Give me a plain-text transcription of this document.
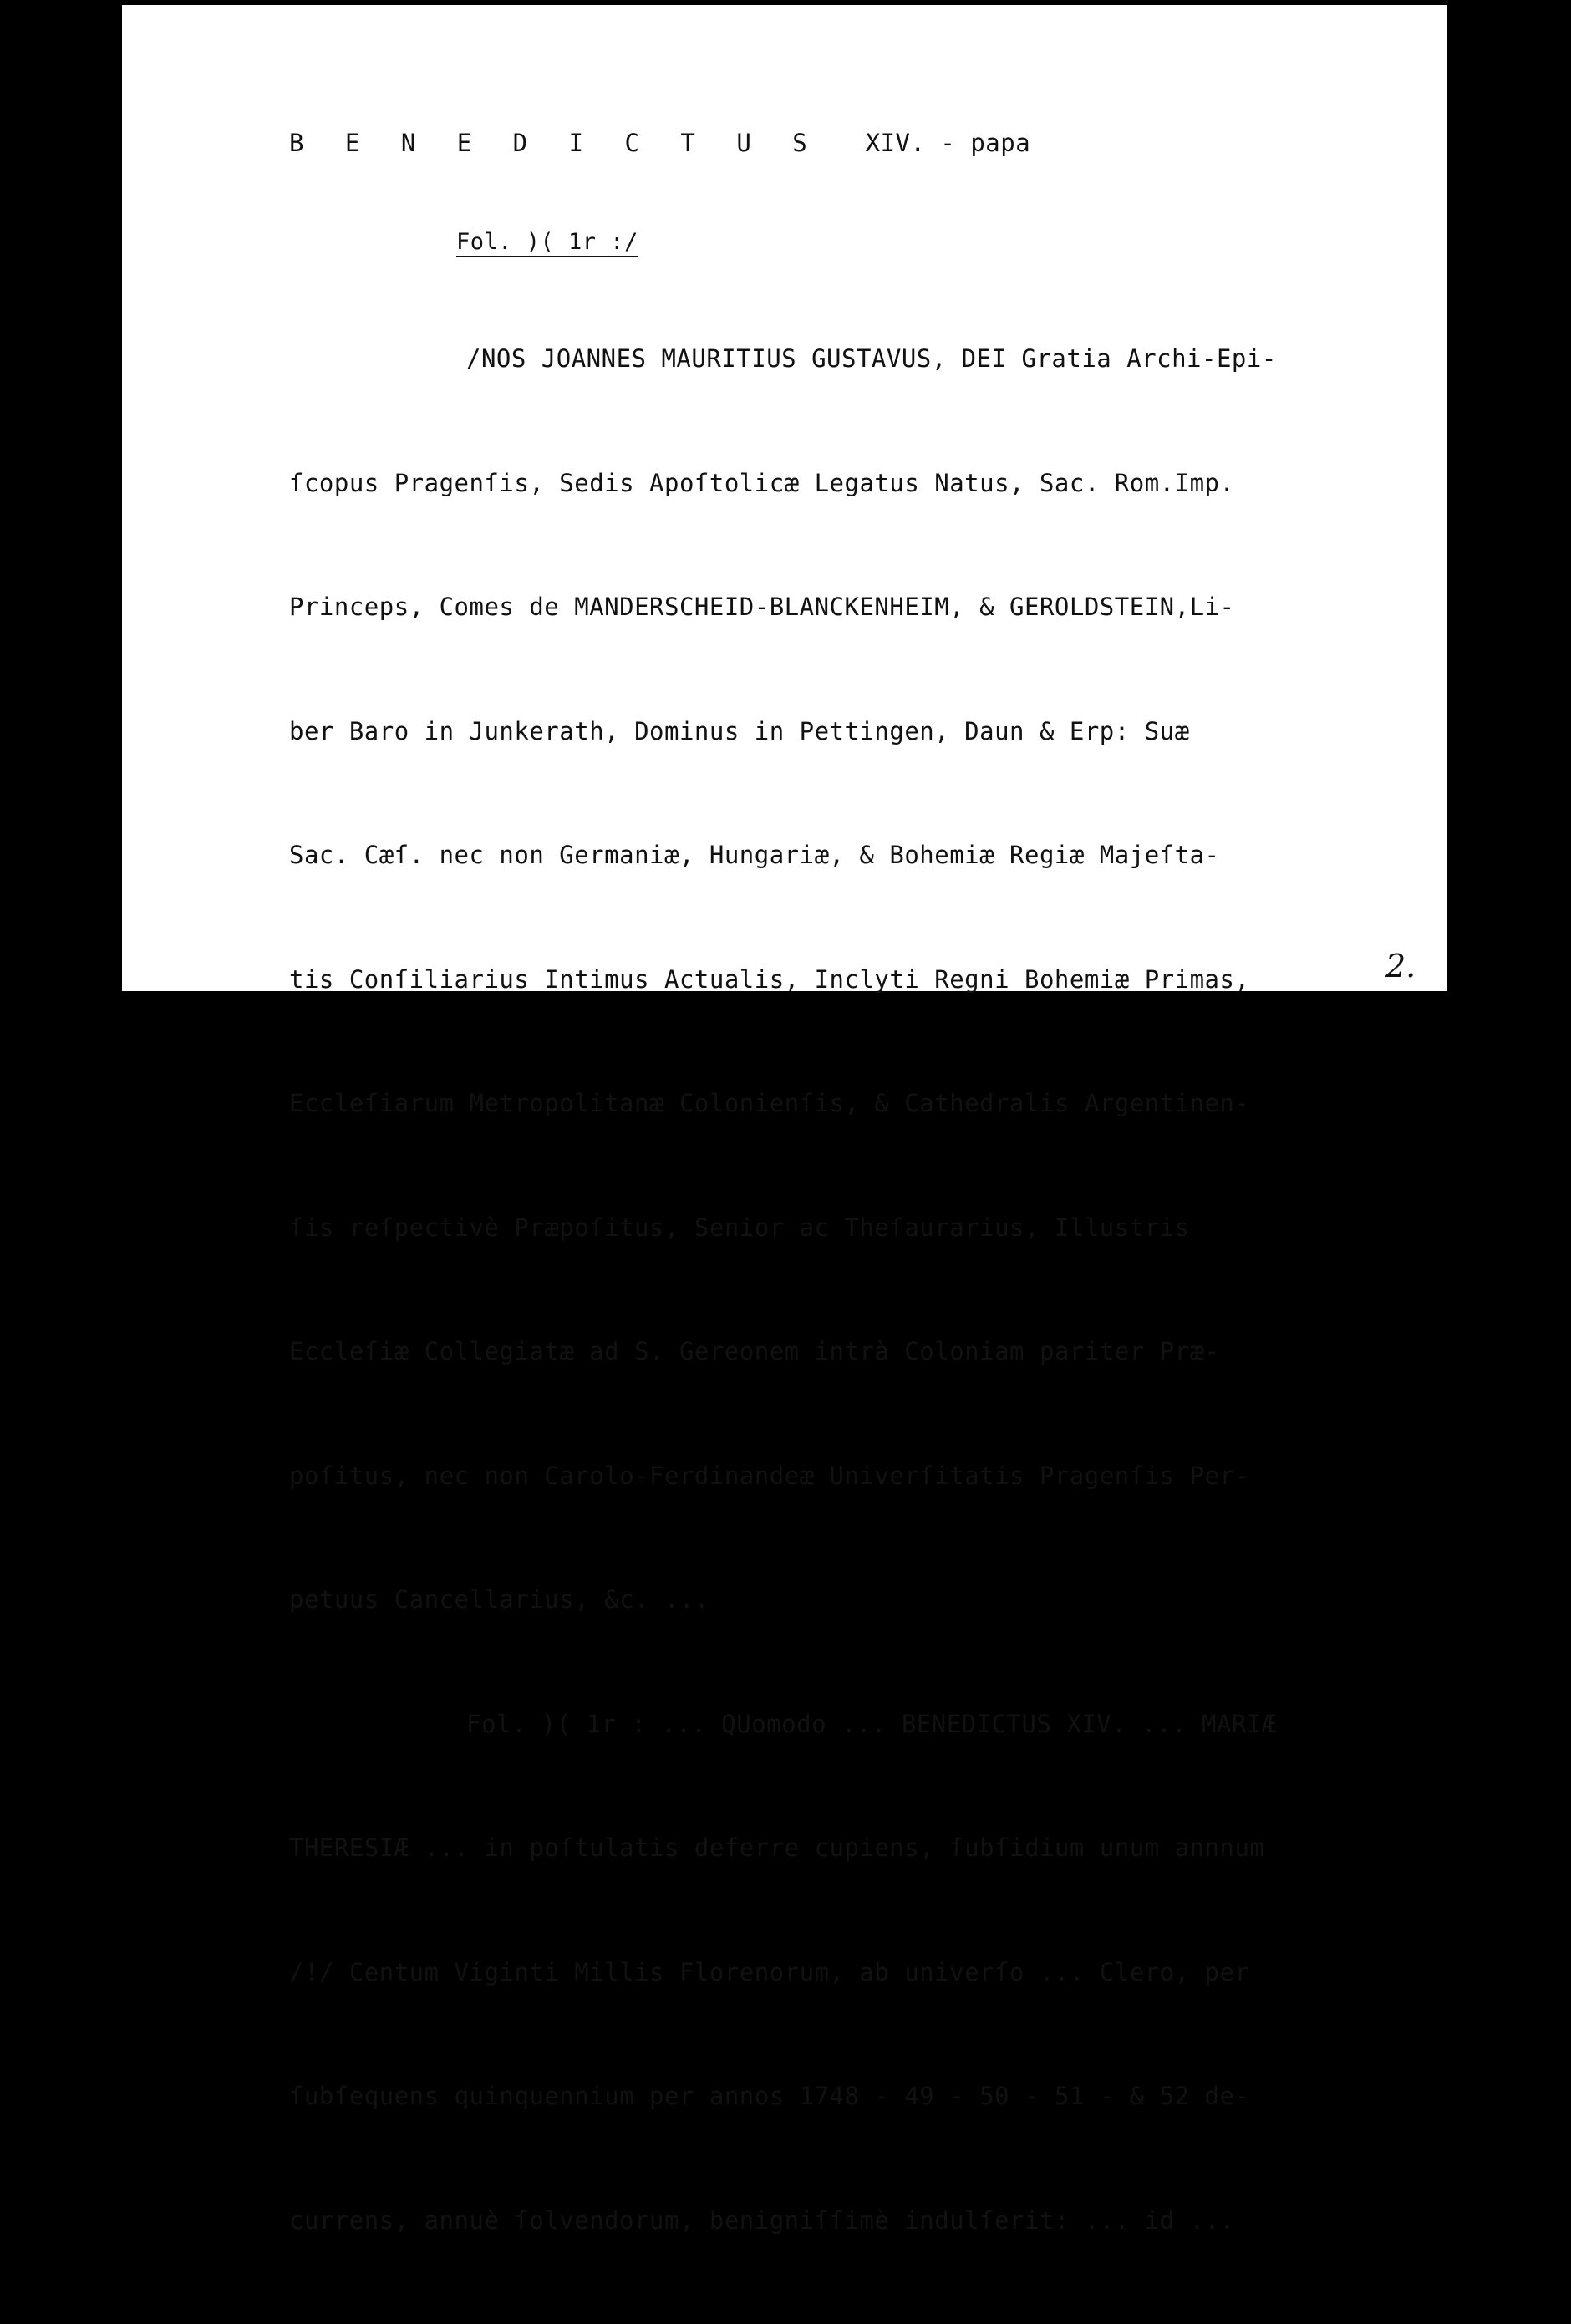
B E N E D I C T U S XIV. - papa
Fol. )( 1r :/

/NOS JOANNES MAURITIUS GUSTAVUS, DEI Gratia Archi-Epi-

ſcopus Pragenſis, Sedis Apoſtolicæ Legatus Natus, Sac. Rom.Imp.

Princeps, Comes de MANDERSCHEID-BLANCKENHEIM, & GEROLDSTEIN,Li-

ber Baro in Junkerath, Dominus in Pettingen, Daun & Erp: Suæ

Sac. Cæſ. nec non Germaniæ, Hungariæ, & Bohemiæ Regiæ Majeſta-

tis Conſiliarius Intimus Actualis, Inclyti Regni Bohemiæ Primas,

Eccleſiarum Metropolitanæ Colonienſis, & Cathedralis Argentinen-

ſis reſpectivè Præpoſitus, Senior ac Theſaurarius, Illustris

Eccleſiæ Collegiatæ ad S. Gereonem intrà Coloniam pariter Præ-

poſitus, nec non Carolo-Ferdinandeæ Univerſitatis Pragenſis Per-

petuus Cancellarius, &c. ...

Fol. )( 1r : ... QUomodo ... BENEDICTUS XIV. ... MARIÆ

THERESIÆ ... in poſtulatis deferre cupiens, ſubſidium unum annnum

/!/ Centum Viginti Millis Florenorum, ab univerſo ... Clero, per

ſubſequens quinquennium per annos 1748 - 49 - 50 - 51 - & 52 de-

currens, annuè ſolvendorum, benigniſſimè indulſerit: ... id ...

2.
